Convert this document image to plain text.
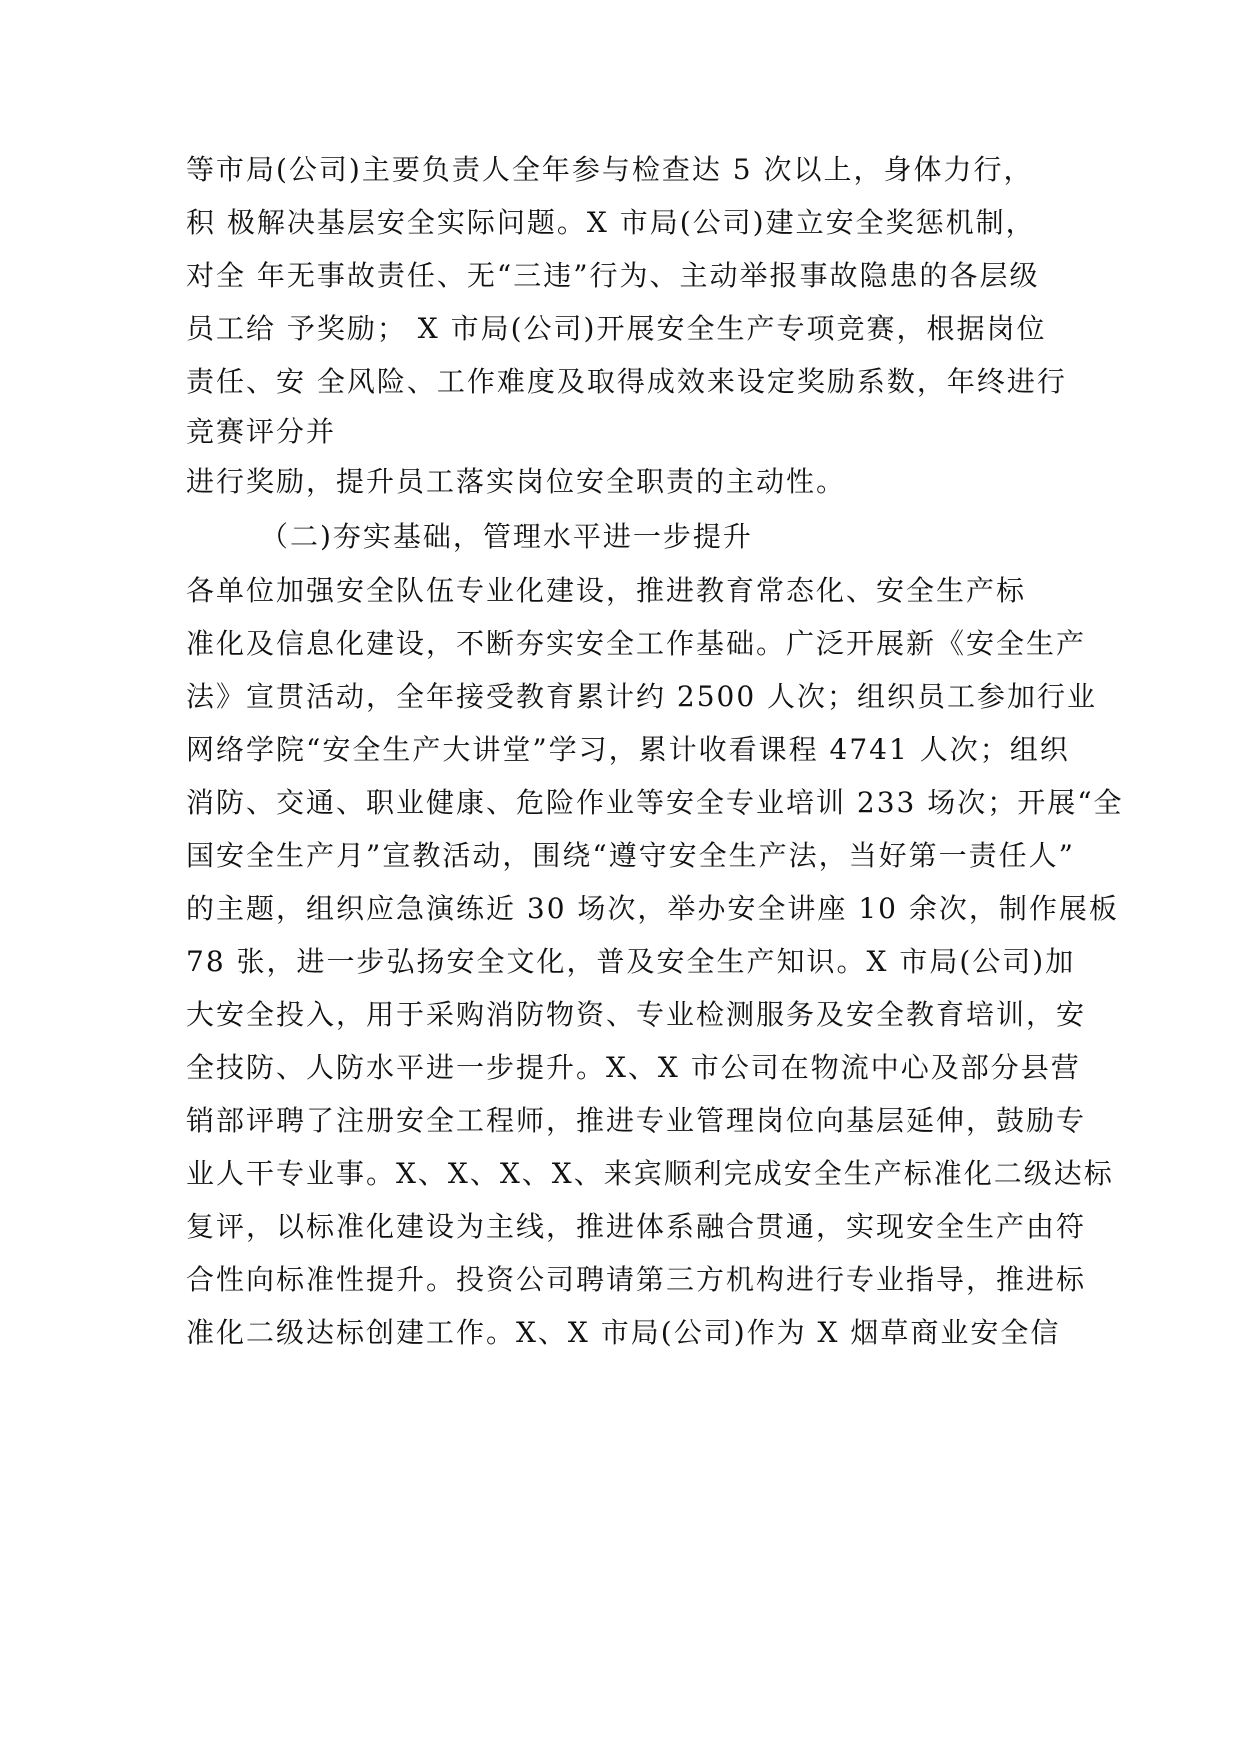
等市局(公司)主要负责人全年参与检查达 5 次以上，身体力行，
积 极解决基层安全实际问题。X 市局(公司)建立安全奖惩机制，
对全 年无事故责任、无“三违”行为、主动举报事故隐患的各层级
员工给 予奖励； X 市局(公司)开展安全生产专项竞赛，根据岗位
责任、安 全风险、工作难度及取得成效来设定奖励系数，年终进行
竞赛评分并
进行奖励，提升员工落实岗位安全职责的主动性。
（二)夯实基础，管理水平进一步提升
各单位加强安全队伍专业化建设，推进教育常态化、安全生产标
准化及信息化建设，不断夯实安全工作基础。广泛开展新《安全生产
法》宣贯活动，全年接受教育累计约 2500 人次；组织员工参加行业
网络学院“安全生产大讲堂”学习，累计收看课程 4741 人次；组织
消防、交通、职业健康、危险作业等安全专业培训 233 场次；开展“全
国安全生产月”宣教活动，围绕“遵守安全生产法，当好第一责任人”
的主题，组织应急演练近 30 场次，举办安全讲座 10 余次，制作展板
78 张，进一步弘扬安全文化，普及安全生产知识。X 市局(公司)加
大安全投入，用于采购消防物资、专业检测服务及安全教育培训，安
全技防、人防水平进一步提升。X、X 市公司在物流中心及部分县营
销部评聘了注册安全工程师，推进专业管理岗位向基层延伸，鼓励专
业人干专业事。X、X、X、X、来宾顺利完成安全生产标准化二级达标
复评，以标准化建设为主线，推进体系融合贯通，实现安全生产由符
合性向标准性提升。投资公司聘请第三方机构进行专业指导，推进标
准化二级达标创建工作。X、X 市局(公司)作为 X 烟草商业安全信
